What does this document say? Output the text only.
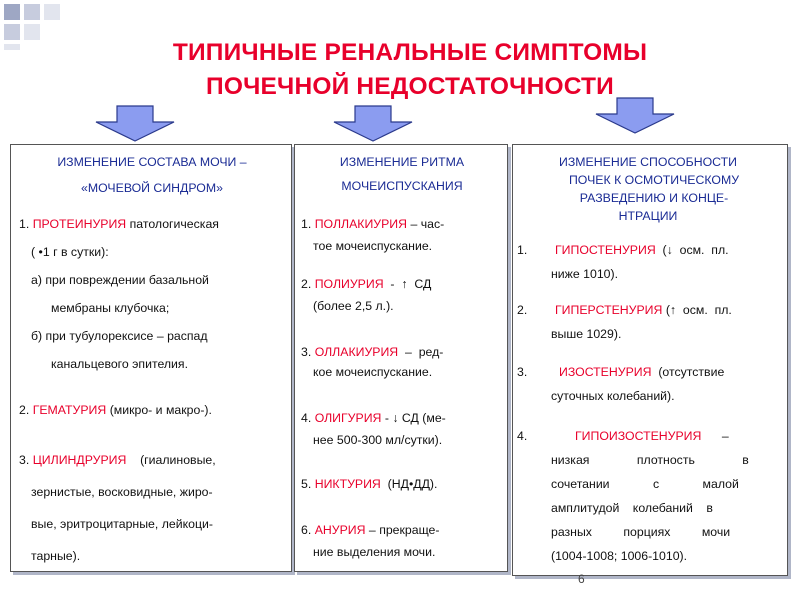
ТИПИЧНЫЕ РЕНАЛЬНЫЕ СИМПТОМЫ
ПОЧЕЧНОЙ НЕДОСТАТОЧНОСТИ
ИЗМЕНЕНИЕ СОСТАВА МОЧИ –
«МОЧЕВОЙ СИНДРОМ»
1. ПРОТЕИНУРИЯ патологическая
( •1 г в сутки):
а) при повреждении базальной
мембраны клубочка;
б) при тубулорексисе – распад
канальцевого эпителия.
2. ГЕМАТУРИЯ (микро- и макро-).
3. ЦИЛИНДРУРИЯ    (гиалиновые,
зернистые, восковидные, жиро-
вые, эритроцитарные, лейкоци-
тарные).
ИЗМЕНЕНИЕ РИТМА
МОЧЕИСПУСКАНИЯ
1. ПОЛЛАКИУРИЯ – час-
тое мочеиспускание.
2. ПОЛИУРИЯ  -  ↑  СД
(более 2,5 л.).
3. ОЛЛАКИУРИЯ  –  ред-
кое мочеиспускание.
4. ОЛИГУРИЯ - ↓ СД (ме-
нее 500-300 мл/сутки).
5. НИКТУРИЯ  (НД•ДД).
6. АНУРИЯ – прекраще-
ние выделения мочи.
ИЗМЕНЕНИЕ СПОСОБНОСТИ
ПОЧЕК К ОСМОТИЧЕСКОМУ
РАЗВЕДЕНИЮ И КОНЦЕ-
НТРАЦИИ
1. ГИПОСТЕНУРИЯ  (↓  осм.  пл.
ниже 1010).
2. ГИПЕРСТЕНУРИЯ (↑  осм.  пл.
выше 1029).
3.	ИЗОСТЕНУРИЯ  (отсутствие
суточных колебаний).
4.	ГИПОИЗОСТЕНУРИЯ      –
низкая плотность в
сочетании с малой
амплитудой колебаний в
разных порциях мочи
(1004-1008; 1006-1010).
6
